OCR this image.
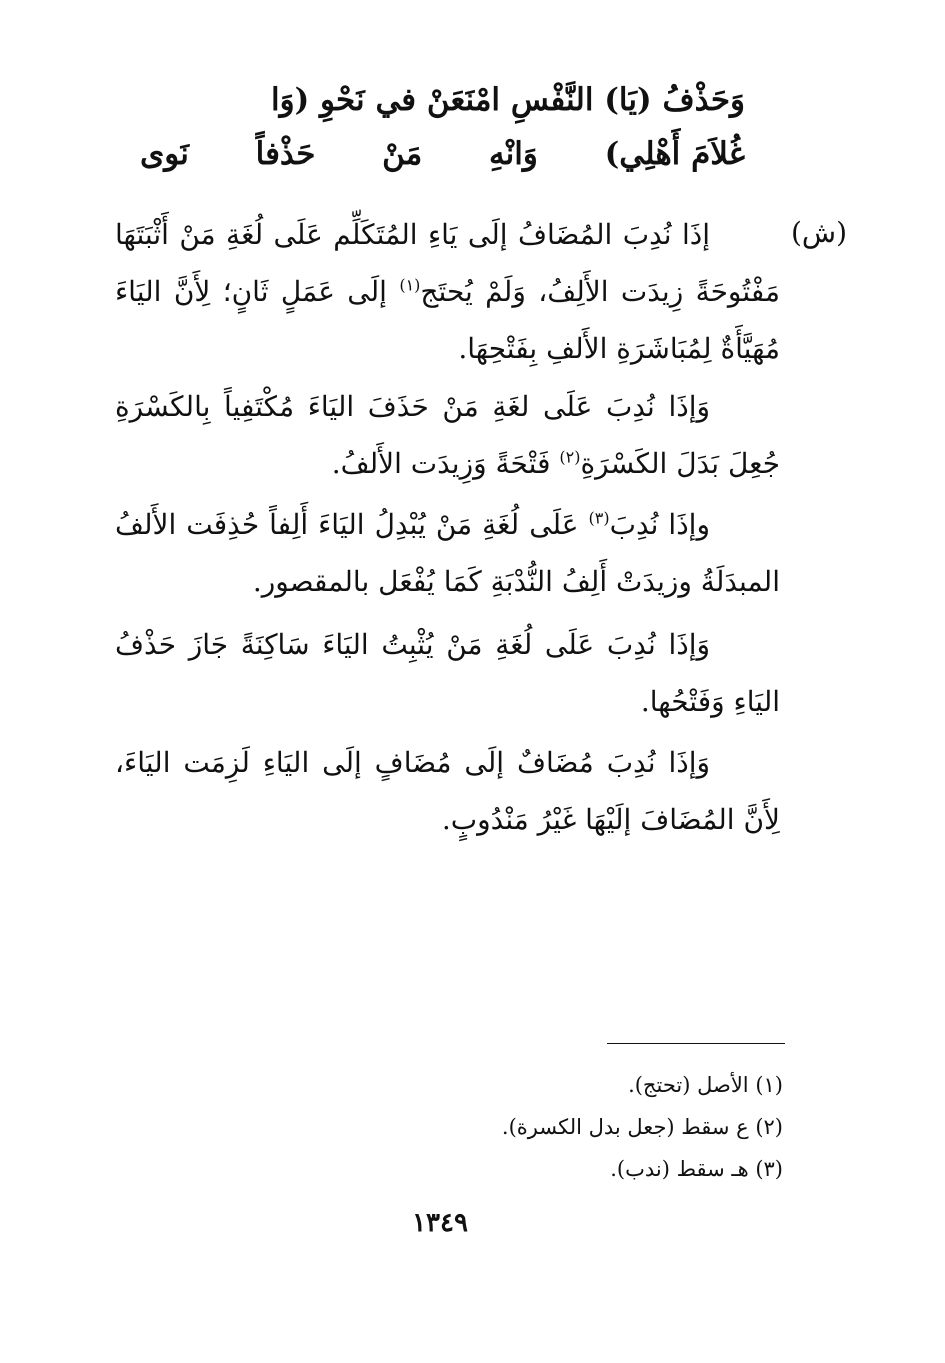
وَحَذْفُ (يَا) النَّفْسِ امْنَعَنْ في نَحْوِ (وَا
غُلاَمَ أَهْلِي)
وَانْهِ
مَنْ
حَذْفاً
نَوى
(ش)
إذَا نُدِبَ المُضَافُ إلَى يَاءِ المُتَكَلِّم عَلَى لُغَةِ مَنْ أَثْبَتَهَا مَفْتُوحَةً زِيدَت الأَلِفُ، وَلَمْ يُحتَج$^{(١)}$ إلَى عَمَلٍ ثَانٍ؛ لِأَنَّ اليَاءَ مُهَيَّأَةٌ لِمُبَاشَرَةِ الأَلفِ بِفَتْحِهَا.
وَإذَا نُدِبَ عَلَى لغَةِ مَنْ حَذَفَ اليَاءَ مُكْتَفِياً بِالكَسْرَةِ جُعِلَ بَدَلَ الكَسْرَةِ$^{(٢)}$ فَتْحَةً وَزِيدَت الأَلفُ.
وإذَا نُدِبَ$^{(٣)}$ عَلَى لُغَةِ مَنْ يُبْدِلُ اليَاءَ أَلِفاً حُذِفَت الأَلفُ المبدَلَةُ وزيدَتْ أَلِفُ النُّدْبَةِ كَمَا يُفْعَل بالمقصور.
وَإذَا نُدِبَ عَلَى لُغَةِ مَنْ يُثْبِتُ اليَاءَ سَاكِنَةً جَازَ حَذْفُ اليَاءِ وَفَتْحُها.
وَإذَا نُدِبَ مُضَافٌ إلَى مُضَافٍ إلَى اليَاءِ لَزِمَت اليَاءَ، لِأَنَّ المُضَافَ إلَيْهَا غَيْرُ مَنْدُوبٍ.
(١) الأصل (تحتج).
(٢) ع سقط (جعل بدل الكسرة).
(٣) هـ سقط (ندب).
١٣٤٩
